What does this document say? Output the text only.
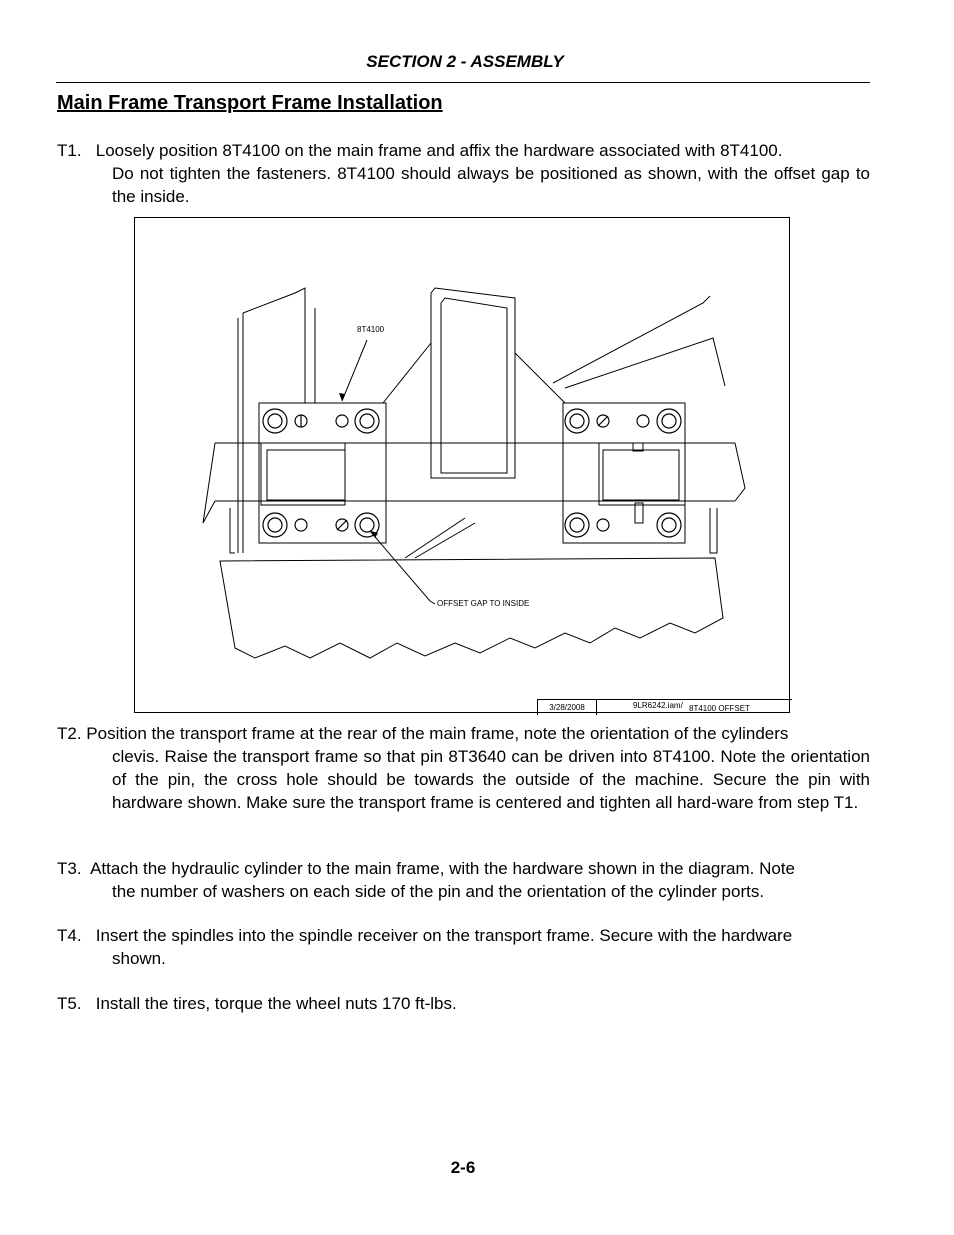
SECTION 2 - ASSEMBLY
Main Frame Transport Frame Installation
T1. Loosely position 8T4100 on the main frame and affix the hardware associated with 8T4100.
Do not tighten the fasteners. 8T4100 should always be positioned as shown, with the offset gap to the inside.
8T4100
OFFSET GAP TO INSIDE
3/28/2008	9LR6242.iam/ 8T4100 OFFSET
T2. Position the transport frame at the rear of the main frame, note the orientation of the cylinders
clevis. Raise the transport frame so that pin 8T3640 can be driven into 8T4100. Note the orientation of the pin, the cross hole should be towards the outside of the machine. Secure the pin with hardware shown. Make sure the transport frame is centered and tighten all hard-ware from step T1.
T3. Attach the hydraulic cylinder to the main frame, with the hardware shown in the diagram. Note
the number of washers on each side of the pin and the orientation of the cylinder ports.
T4. Insert the spindles into the spindle receiver on the transport frame. Secure with the hardware
shown.
T5. Install the tires, torque the wheel nuts 170 ft-lbs.
2-6
